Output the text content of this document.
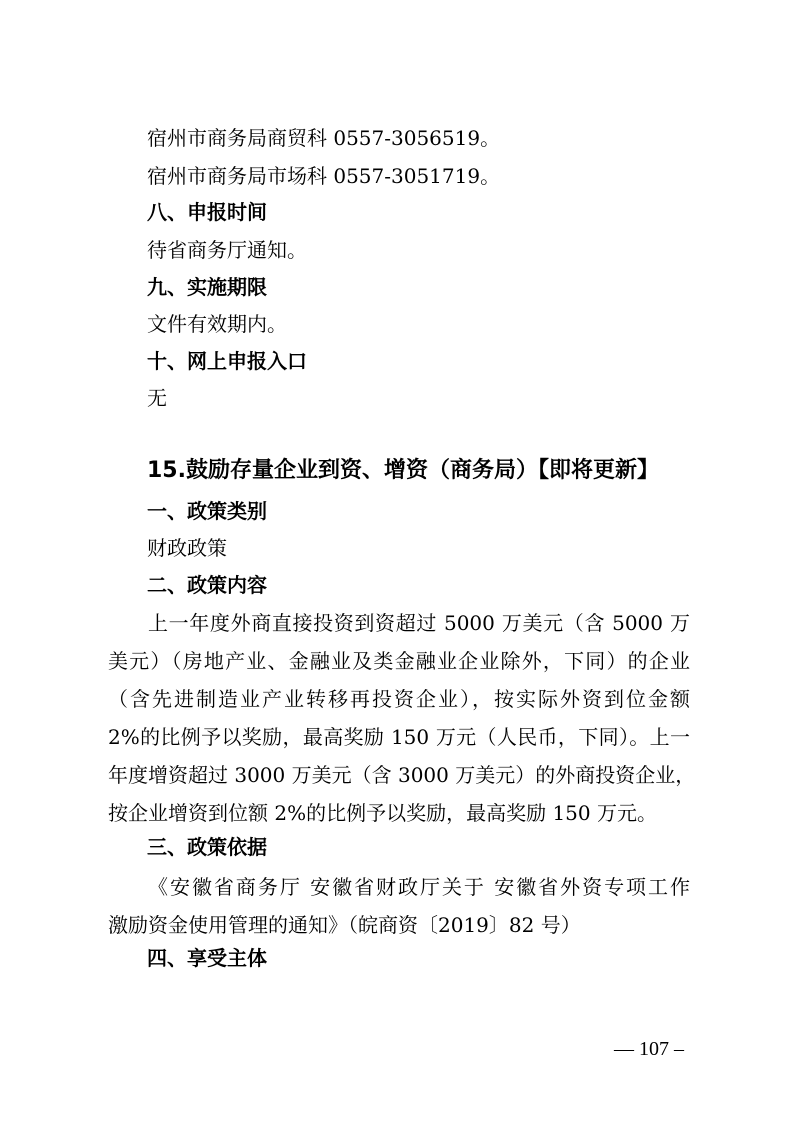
宿州市商务局商贸科 0557-3056519。

宿州市商务局市场科 0557-3051719。

八、申报时间

待省商务厅通知。

九、实施期限

文件有效期内。

十、网上申报入口

无

15.鼓励存量企业到资、增资（商务局）【即将更新】

一、政策类别

财政政策

二、政策内容

上一年度外商直接投资到资超过 5000 万美元（含 5000 万
美元）（房地产业、金融业及类金融业企业除外，下同）的企业
（含先进制造业产业转移再投资企业），按实际外资到位金额
2%的比例予以奖励，最高奖励 150 万元（人民币，下同）。上一
年度增资超过 3000 万美元（含 3000 万美元）的外商投资企业，
按企业增资到位额 2%的比例予以奖励，最高奖励 150 万元。

三、政策依据

《安徽省商务厅 安徽省财政厅关于 安徽省外资专项工作
激励资金使用管理的通知》（皖商资〔2019〕82 号）

四、享受主体

— 107 –
